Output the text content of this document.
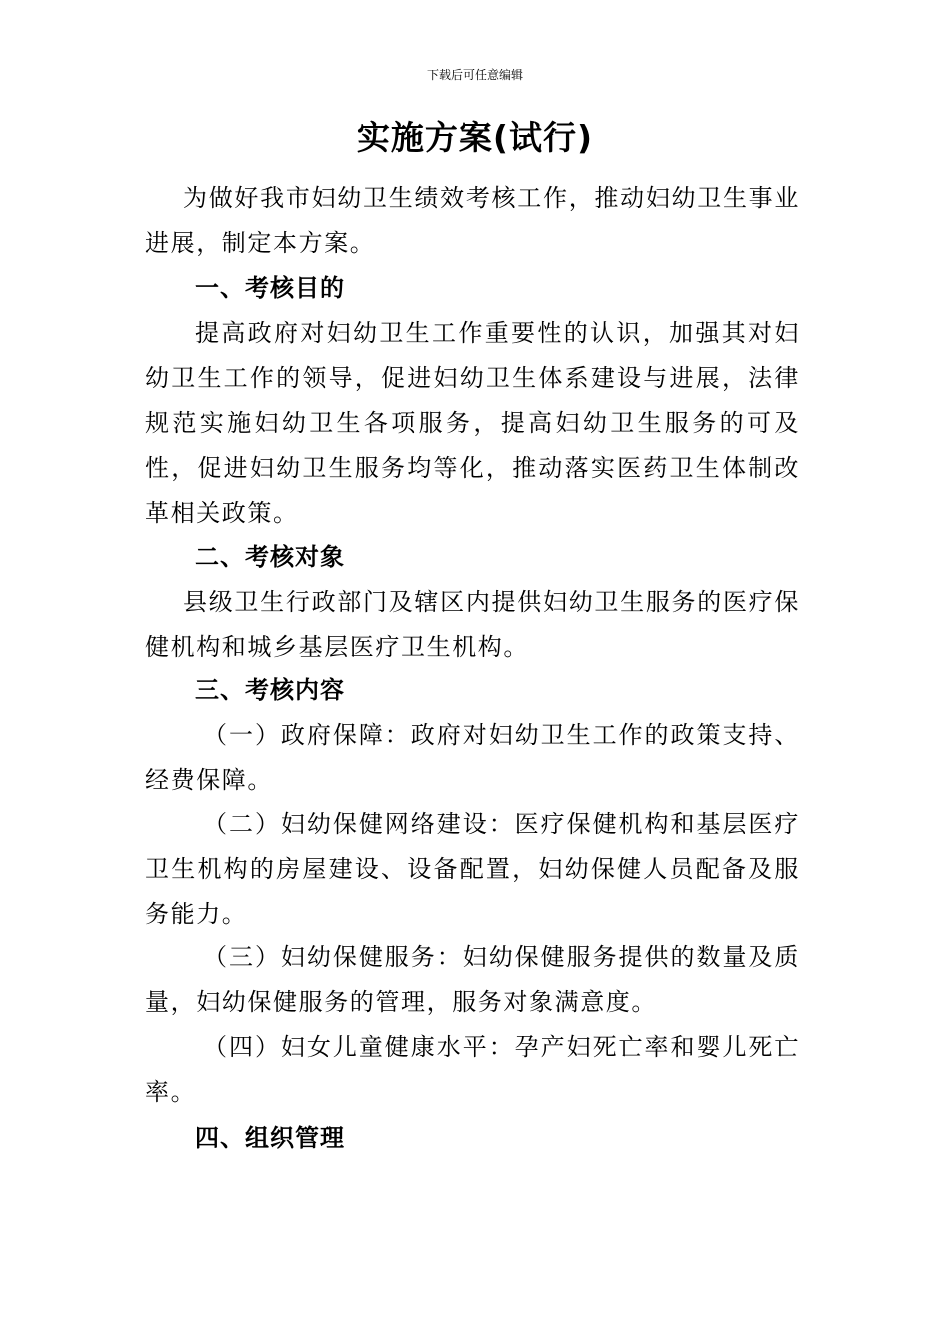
下载后可任意编辑
实施方案(试行)
为做好我市妇幼卫生绩效考核工作，推动妇幼卫生事业进展，制定本方案。
一、考核目的
提高政府对妇幼卫生工作重要性的认识，加强其对妇幼卫生工作的领导，促进妇幼卫生体系建设与进展，法律规范实施妇幼卫生各项服务，提高妇幼卫生服务的可及性，促进妇幼卫生服务均等化，推动落实医药卫生体制改革相关政策。
二、考核对象
县级卫生行政部门及辖区内提供妇幼卫生服务的医疗保健机构和城乡基层医疗卫生机构。
三、考核内容
（一）政府保障：政府对妇幼卫生工作的政策支持、经费保障。
（二）妇幼保健网络建设：医疗保健机构和基层医疗卫生机构的房屋建设、设备配置，妇幼保健人员配备及服务能力。
（三）妇幼保健服务：妇幼保健服务提供的数量及质量，妇幼保健服务的管理，服务对象满意度。
（四）妇女儿童健康水平：孕产妇死亡率和婴儿死亡率。
四、组织管理
